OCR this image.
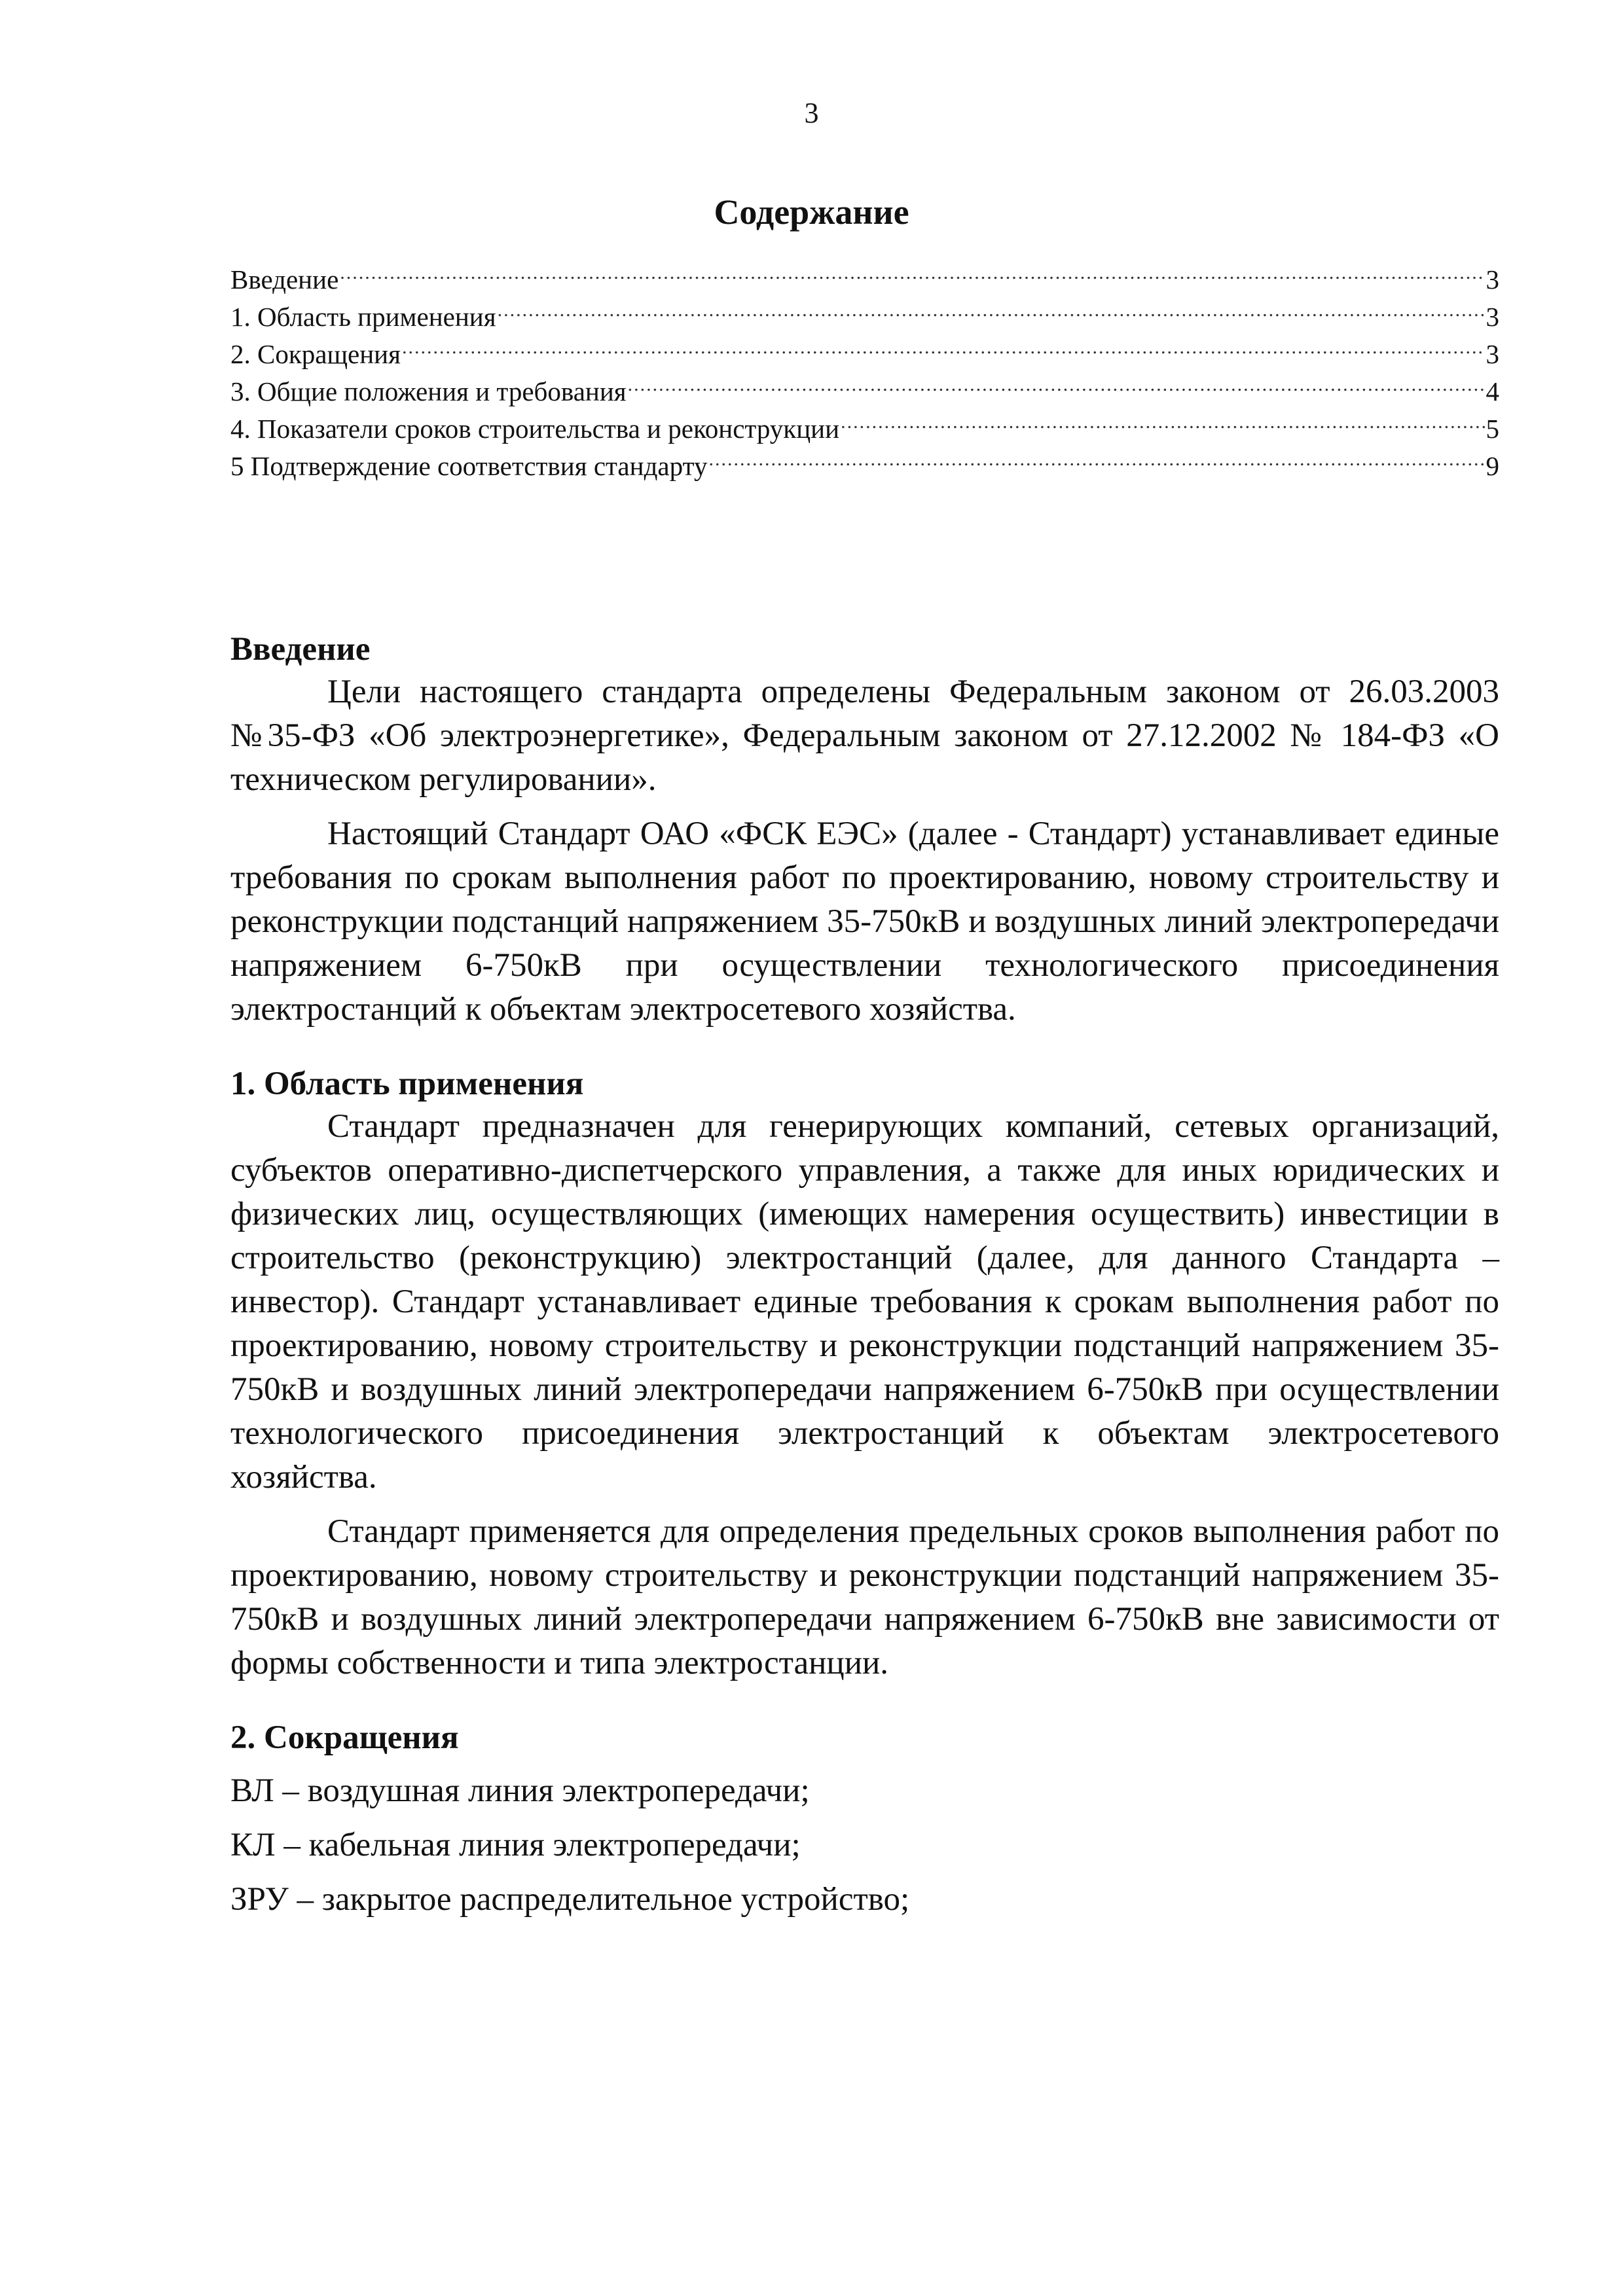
3
Содержание
Введение .....	3
1. Область применения .....	3
2. Сокращения .....	3
3. Общие положения и требования .....	4
4. Показатели сроков строительства и реконструкции .....	5
5 Подтверждение соответствия стандарту .....	9
Введение

Цели настоящего стандарта определены Федеральным законом от 26.03.2003 №35-ФЗ «Об электроэнергетике», Федеральным законом от 27.12.2002 № 184-ФЗ «О техническом регулировании».

Настоящий Стандарт ОАО «ФСК ЕЭС» (далее - Стандарт) устанавливает единые требования по срокам выполнения работ по проектированию, новому строительству и реконструкции подстанций напряжением 35-750кВ и воздушных линий электропередачи напряжением 6-750кВ при осуществлении технологического присоединения электростанций к объектам электросетевого хозяйства.

1. Область применения

Стандарт предназначен для генерирующих компаний, сетевых организаций, субъектов оперативно-диспетчерского управления, а также для иных юридических и физических лиц, осуществляющих (имеющих намерения осуществить) инвестиции в строительство (реконструкцию) электростанций (далее, для данного Стандарта – инвестор). Стандарт устанавливает единые требования к срокам выполнения работ по проектированию, новому строительству и реконструкции подстанций напряжением 35-750кВ и воздушных линий электропередачи напряжением 6-750кВ при осуществлении технологического присоединения электростанций к объектам электросетевого хозяйства.

Стандарт применяется для определения предельных сроков выполнения работ по проектированию, новому строительству и реконструкции подстанций напряжением 35-750кВ и воздушных линий электропередачи напряжением 6-750кВ вне зависимости от формы собственности и типа электростанции.

2. Сокращения

ВЛ – воздушная линия электропередачи;

КЛ – кабельная линия электропередачи;

ЗРУ – закрытое распределительное устройство;
